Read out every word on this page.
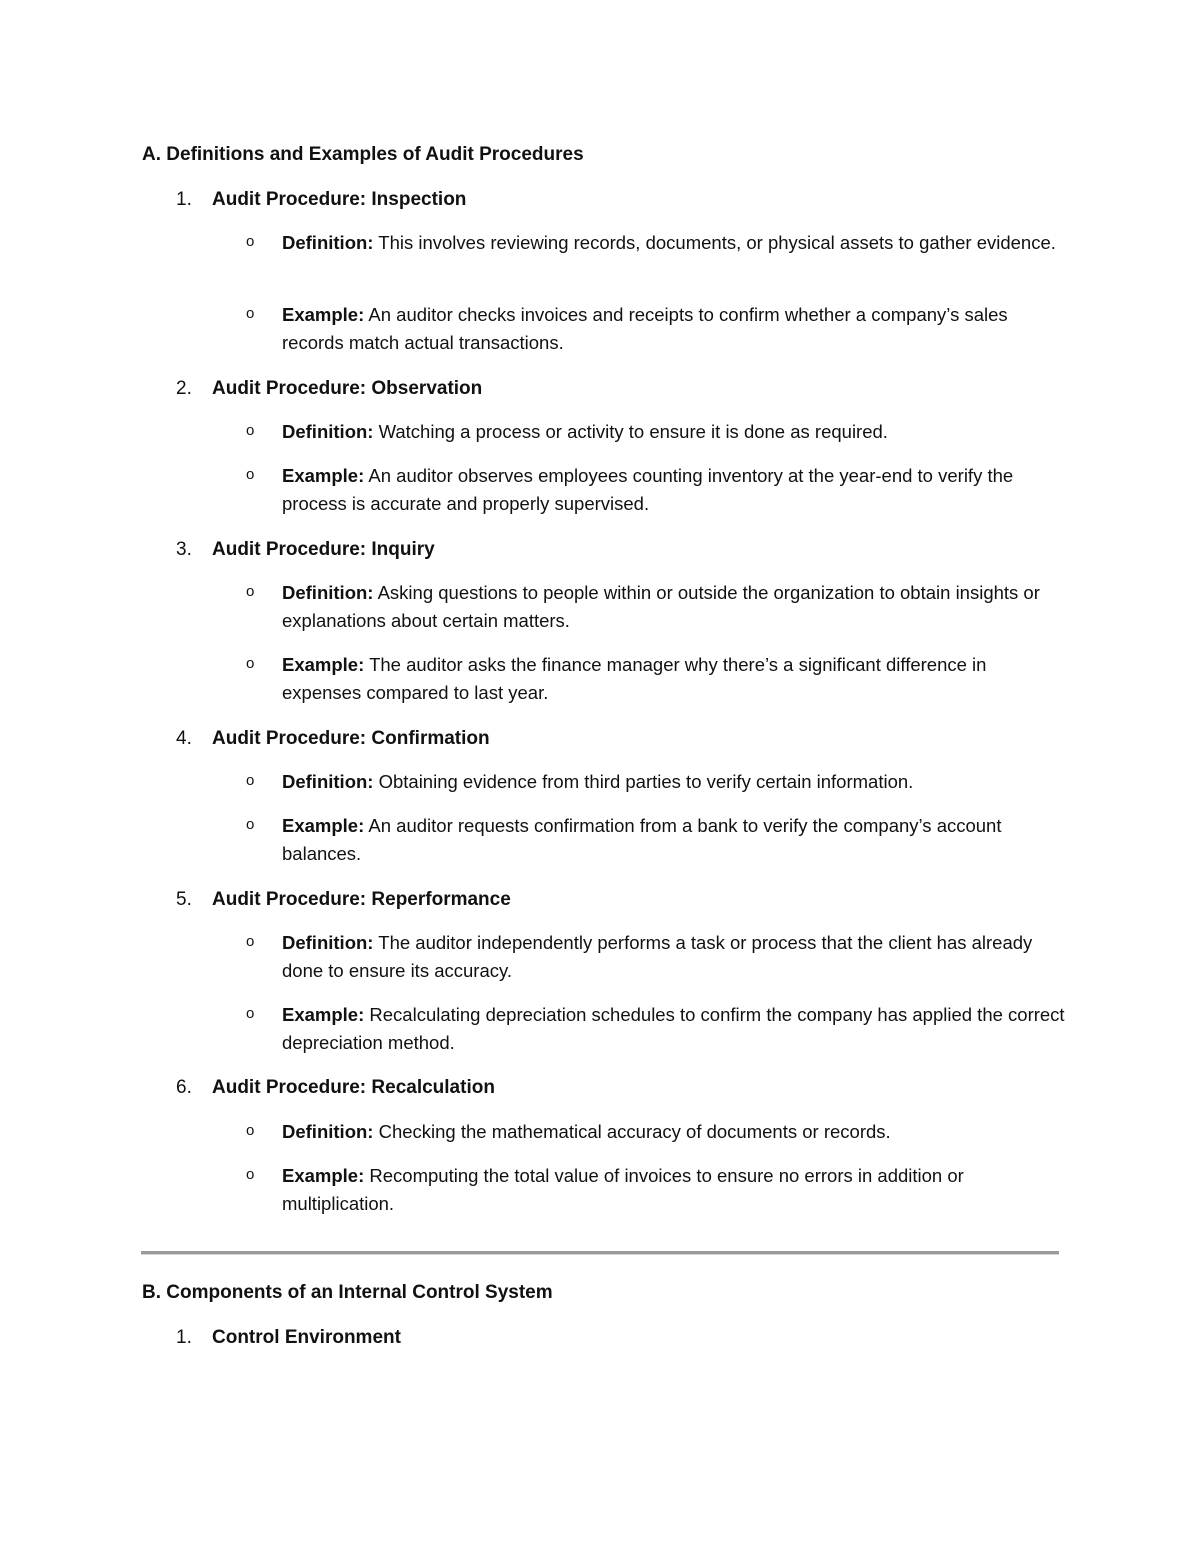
A. Definitions and Examples of Audit Procedures
1. Audit Procedure: Inspection
o Definition: This involves reviewing records, documents, or physical assets to gather evidence.
o Example: An auditor checks invoices and receipts to confirm whether a company’s sales records match actual transactions.
2. Audit Procedure: Observation
o Definition: Watching a process or activity to ensure it is done as required.
o Example: An auditor observes employees counting inventory at the year-end to verify the process is accurate and properly supervised.
3. Audit Procedure: Inquiry
o Definition: Asking questions to people within or outside the organization to obtain insights or explanations about certain matters.
o Example: The auditor asks the finance manager why there’s a significant difference in expenses compared to last year.
4. Audit Procedure: Confirmation
o Definition: Obtaining evidence from third parties to verify certain information.
o Example: An auditor requests confirmation from a bank to verify the company’s account balances.
5. Audit Procedure: Reperformance
o Definition: The auditor independently performs a task or process that the client has already done to ensure its accuracy.
o Example: Recalculating depreciation schedules to confirm the company has applied the correct depreciation method.
6. Audit Procedure: Recalculation
o Definition: Checking the mathematical accuracy of documents or records.
o Example: Recomputing the total value of invoices to ensure no errors in addition or multiplication.
B. Components of an Internal Control System
1. Control Environment
